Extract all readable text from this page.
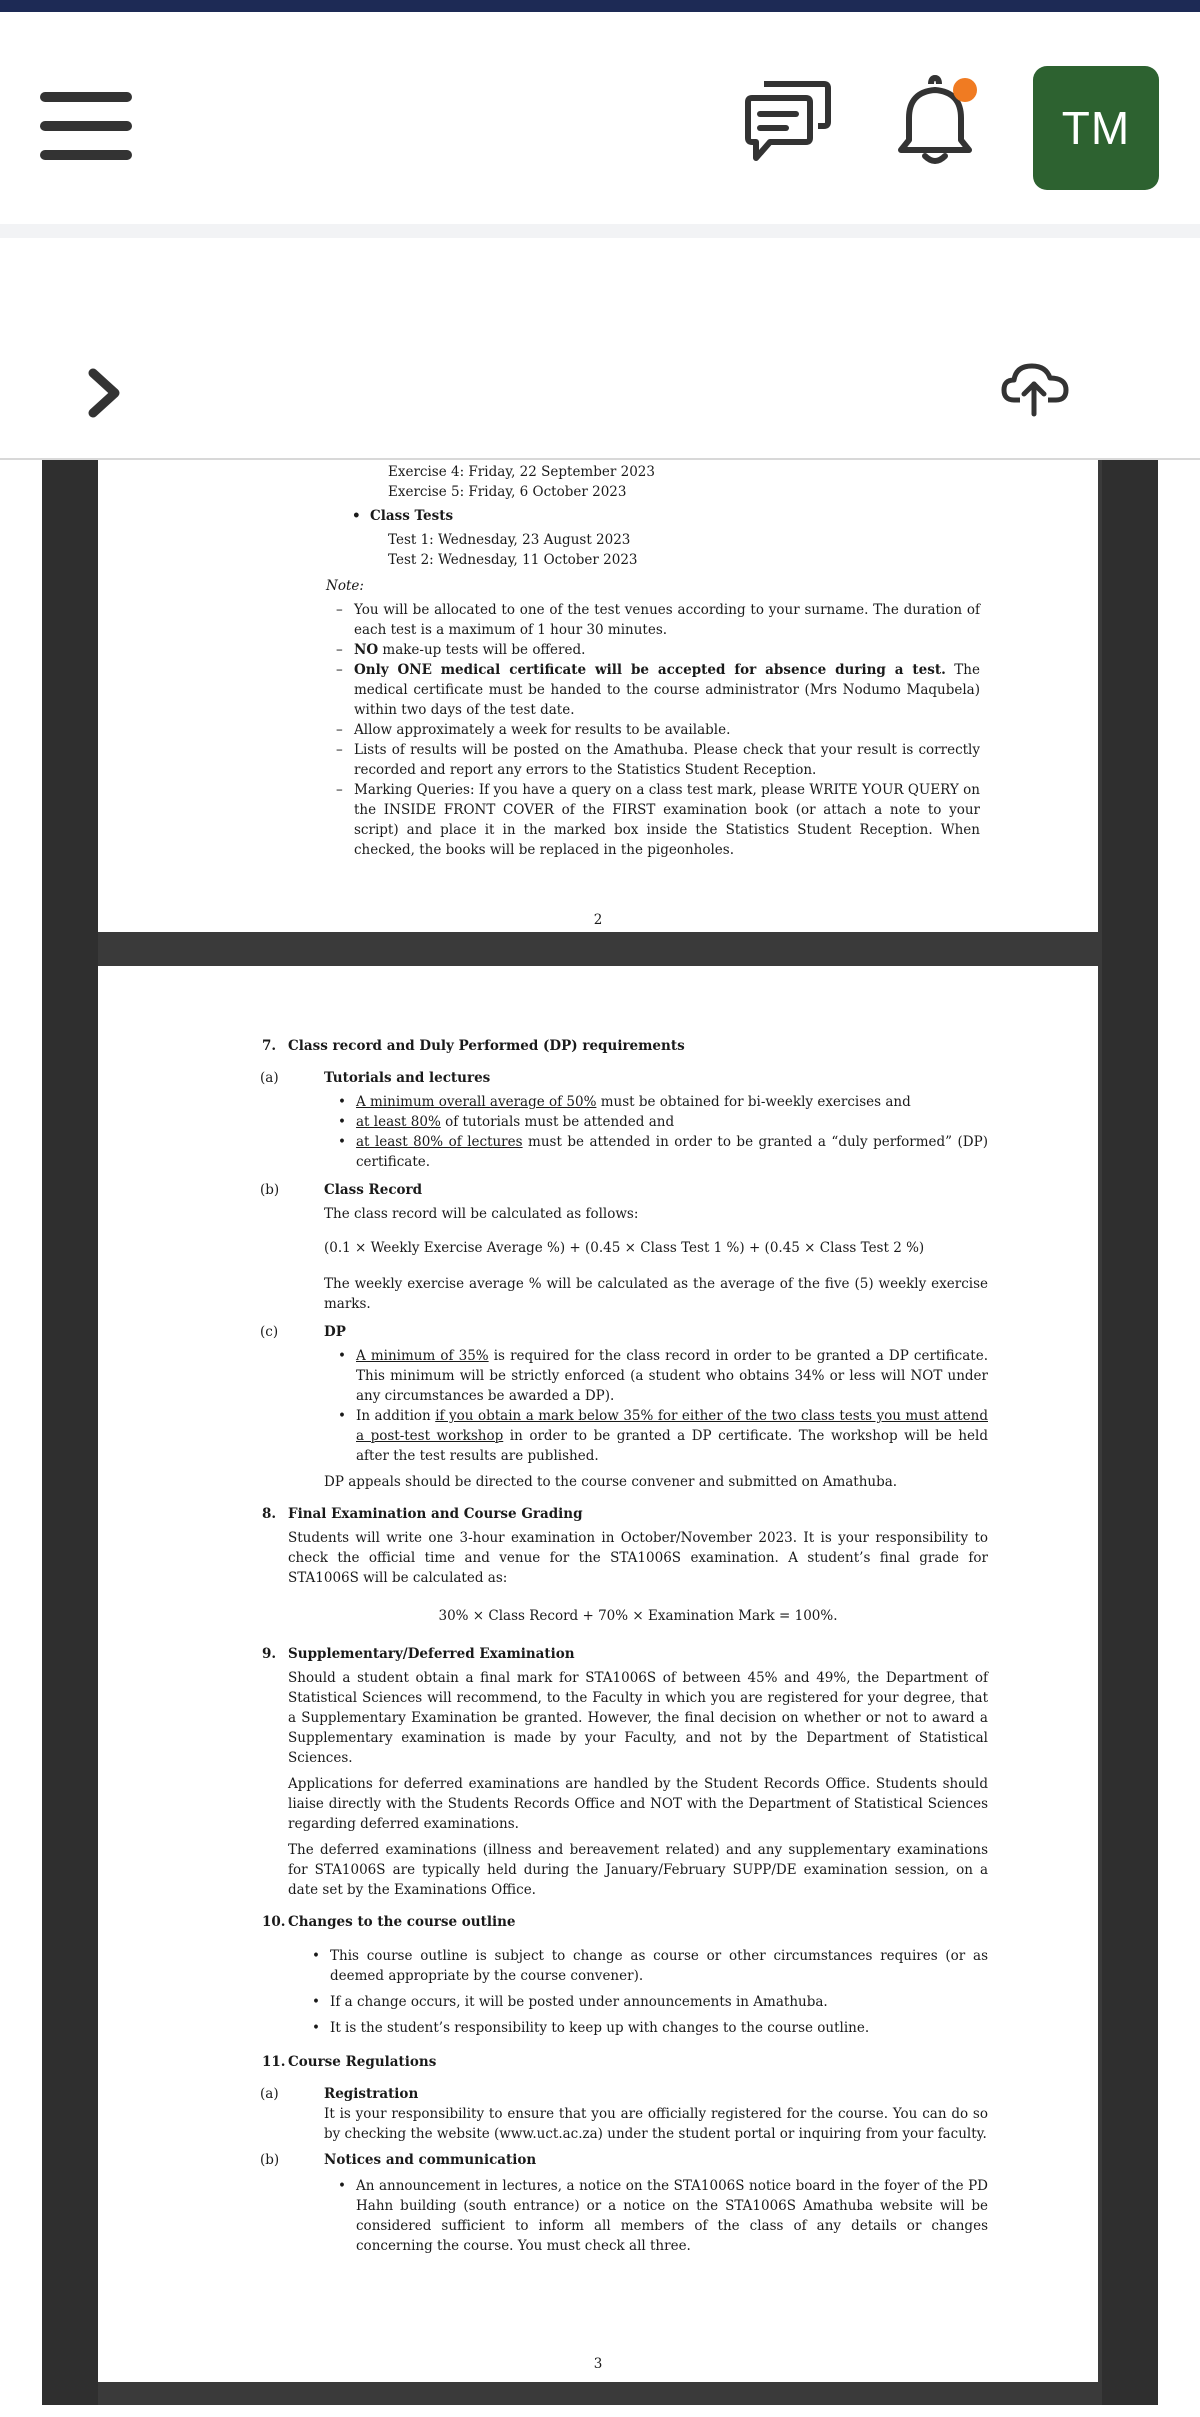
TM
Exercise 4: Friday, 22 September 2023
Exercise 5: Friday, 6 October 2023
• Class Tests
Test 1: Wednesday, 23 August 2023
Test 2: Wednesday, 11 October 2023
Note:
– You will be allocated to one of the test venues according to your surname. The duration of each test is a maximum of 1 hour 30 minutes.
– NO make-up tests will be offered.
– Only ONE medical certificate will be accepted for absence during a test. The medical certificate must be handed to the course administrator (Mrs Nodumo Maqubela) within two days of the test date.
– Allow approximately a week for results to be available.
– Lists of results will be posted on the Amathuba. Please check that your result is correctly recorded and report any errors to the Statistics Student Reception.
– Marking Queries: If you have a query on a class test mark, please WRITE YOUR QUERY on the INSIDE FRONT COVER of the FIRST examination book (or attach a note to your script) and place it in the marked box inside the Statistics Student Reception. When checked, the books will be replaced in the pigeonholes.
2
7. Class record and Duly Performed (DP) requirements
(a)	Tutorials and lectures
• A minimum overall average of 50% must be obtained for bi-weekly exercises and
• at least 80% of tutorials must be attended and
• at least 80% of lectures must be attended in order to be granted a “duly performed” (DP) certificate.
(b)	Class Record
The class record will be calculated as follows:
(0.1 × Weekly Exercise Average %) + (0.45 × Class Test 1 %) + (0.45 × Class Test 2 %)
The weekly exercise average % will be calculated as the average of the five (5) weekly exercise marks.
(c)	DP
• A minimum of 35% is required for the class record in order to be granted a DP certificate. This minimum will be strictly enforced (a student who obtains 34% or less will NOT under any circumstances be awarded a DP).
• In addition if you obtain a mark below 35% for either of the two class tests you must attend a post-test workshop in order to be granted a DP certificate. The workshop will be held after the test results are published.
DP appeals should be directed to the course convener and submitted on Amathuba.
8. Final Examination and Course Grading
Students will write one 3-hour examination in October/November 2023. It is your responsibility to check the official time and venue for the STA1006S examination. A student’s final grade for STA1006S will be calculated as:
30% × Class Record + 70% × Examination Mark = 100%.
9. Supplementary/Deferred Examination
Should a student obtain a final mark for STA1006S of between 45% and 49%, the Department of Statistical Sciences will recommend, to the Faculty in which you are registered for your degree, that a Supplementary Examination be granted. However, the final decision on whether or not to award a Supplementary examination is made by your Faculty, and not by the Department of Statistical Sciences.
Applications for deferred examinations are handled by the Student Records Office. Students should liaise directly with the Students Records Office and NOT with the Department of Statistical Sciences regarding deferred examinations.
The deferred examinations (illness and bereavement related) and any supplementary examinations for STA1006S are typically held during the January/February SUPP/DE examination session, on a date set by the Examinations Office.
10. Changes to the course outline
• This course outline is subject to change as course or other circumstances requires (or as deemed appropriate by the course convener).
• If a change occurs, it will be posted under announcements in Amathuba.
• It is the student’s responsibility to keep up with changes to the course outline.
11. Course Regulations
(a)	Registration
It is your responsibility to ensure that you are officially registered for the course. You can do so by checking the website (www.uct.ac.za) under the student portal or inquiring from your faculty.
(b)	Notices and communication
• An announcement in lectures, a notice on the STA1006S notice board in the foyer of the PD Hahn building (south entrance) or a notice on the STA1006S Amathuba website will be considered sufficient to inform all members of the class of any details or changes concerning the course. You must check all three.
3
